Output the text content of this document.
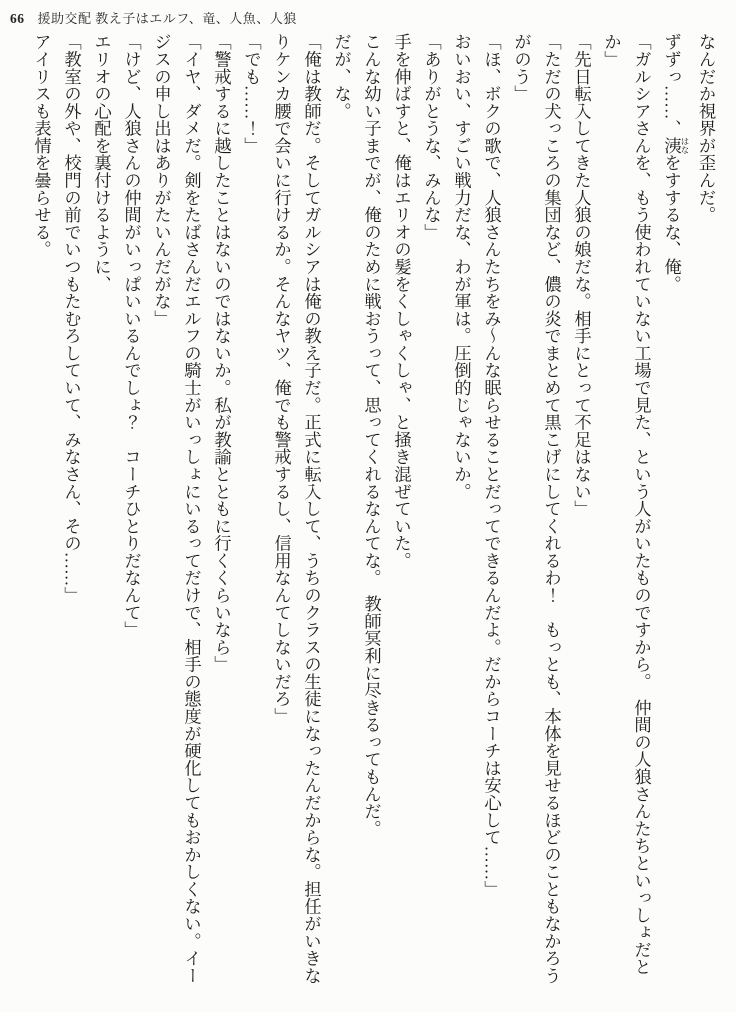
66 援助交配 教え子はエルフ、竜、人魚、人狼

なんだか視界が歪んだ。

ずずっ……、洟 はなをすするな、俺。

「ガルシアさんを、もう使われていない工場で見た、という人がいたものですから。　仲間の人狼さんたちといっしょだと

か」

「先日転入してきた人狼の娘だな。相手にとって不足はない」

「ただの犬っころの集団など、儂の炎でまとめて黒こげにしてくれるわ！　もっとも、本体を見せるほどのこともなかろう

がのう」

「ほ、ボクの歌で、人狼さんたちをみ〜んな眠らせることだってできるんだよ。だからコーチは安心して……」

おいおい、すごい戦力だな、わが軍は。圧倒的じゃないか。

「ありがとうな、みんな」

手を伸ばすと、俺はエリオの髪をくしゃくしゃ、と掻き混ぜていた。

こんな幼い子までが、俺のために戦おうって、思ってくれるなんてな。　教師冥利に尽きるってもんだ。

だが、な。

「俺は教師だ。そしてガルシアは俺の教え子だ。正式に転入して、うちのクラスの生徒になったんだからな。担任がいきな

りケンカ腰で会いに行けるか。そんなヤツ、俺でも警戒するし、信用なんてしないだろ」

「でも……！」

「警戒するに越したことはないのではないか。私が教諭とともに行くくらいなら」

「イヤ、ダメだ。剣をたばさんだエルフの騎士がいっしょにいるってだけで、相手の態度が硬化してもおかしくない。イー

ジスの申し出はありがたいんだがな」

「けど、人狼さんの仲間がいっぱいいるんでしょ？　コーチひとりだなんて」

エリオの心配を裏付けるように、

「教室の外や、校門の前でいつもたむろしていて、みなさん、その……」

アイリスも表情を曇らせる。
